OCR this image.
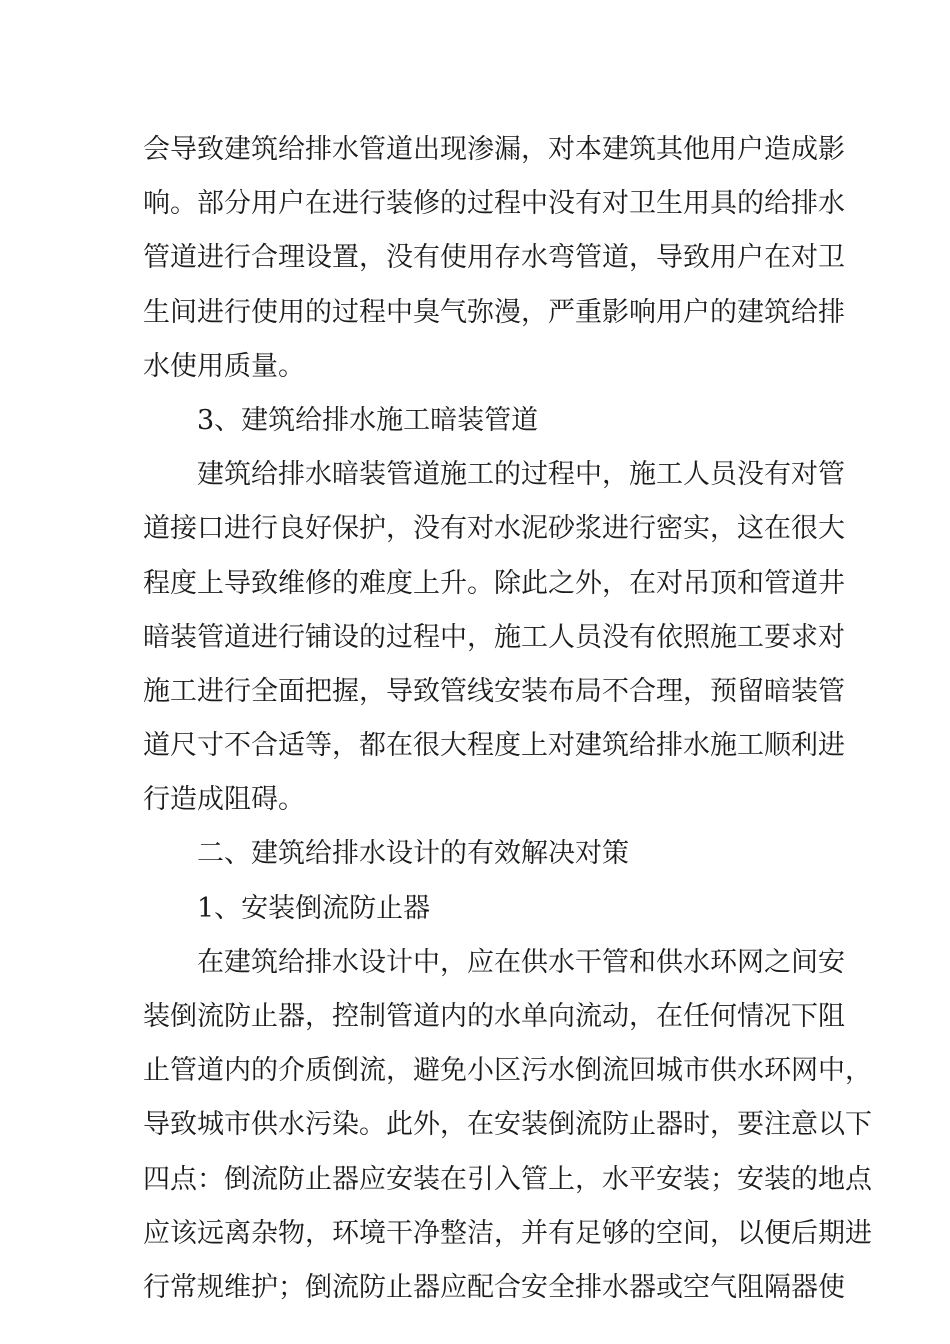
会导致建筑给排水管道出现渗漏，对本建筑其他用户造成影
响。部分用户在进行装修的过程中没有对卫生用具的给排水
管道进行合理设置，没有使用存水弯管道，导致用户在对卫
生间进行使用的过程中臭气弥漫，严重影响用户的建筑给排
水使用质量。
3、建筑给排水施工暗装管道
建筑给排水暗装管道施工的过程中，施工人员没有对管
道接口进行良好保护，没有对水泥砂浆进行密实，这在很大
程度上导致维修的难度上升。除此之外，在对吊顶和管道井
暗装管道进行铺设的过程中，施工人员没有依照施工要求对
施工进行全面把握，导致管线安装布局不合理，预留暗装管
道尺寸不合适等，都在很大程度上对建筑给排水施工顺利进
行造成阻碍。
二、建筑给排水设计的有效解决对策
1、安装倒流防止器
在建筑给排水设计中，应在供水干管和供水环网之间安
装倒流防止器，控制管道内的水单向流动，在任何情况下阻
止管道内的介质倒流，避免小区污水倒流回城市供水环网中，
导致城市供水污染。此外，在安装倒流防止器时，要注意以下
四点：倒流防止器应安装在引入管上，水平安装；安装的地点
应该远离杂物，环境干净整洁，并有足够的空间，以便后期进
行常规维护；倒流防止器应配合安全排水器或空气阻隔器使
